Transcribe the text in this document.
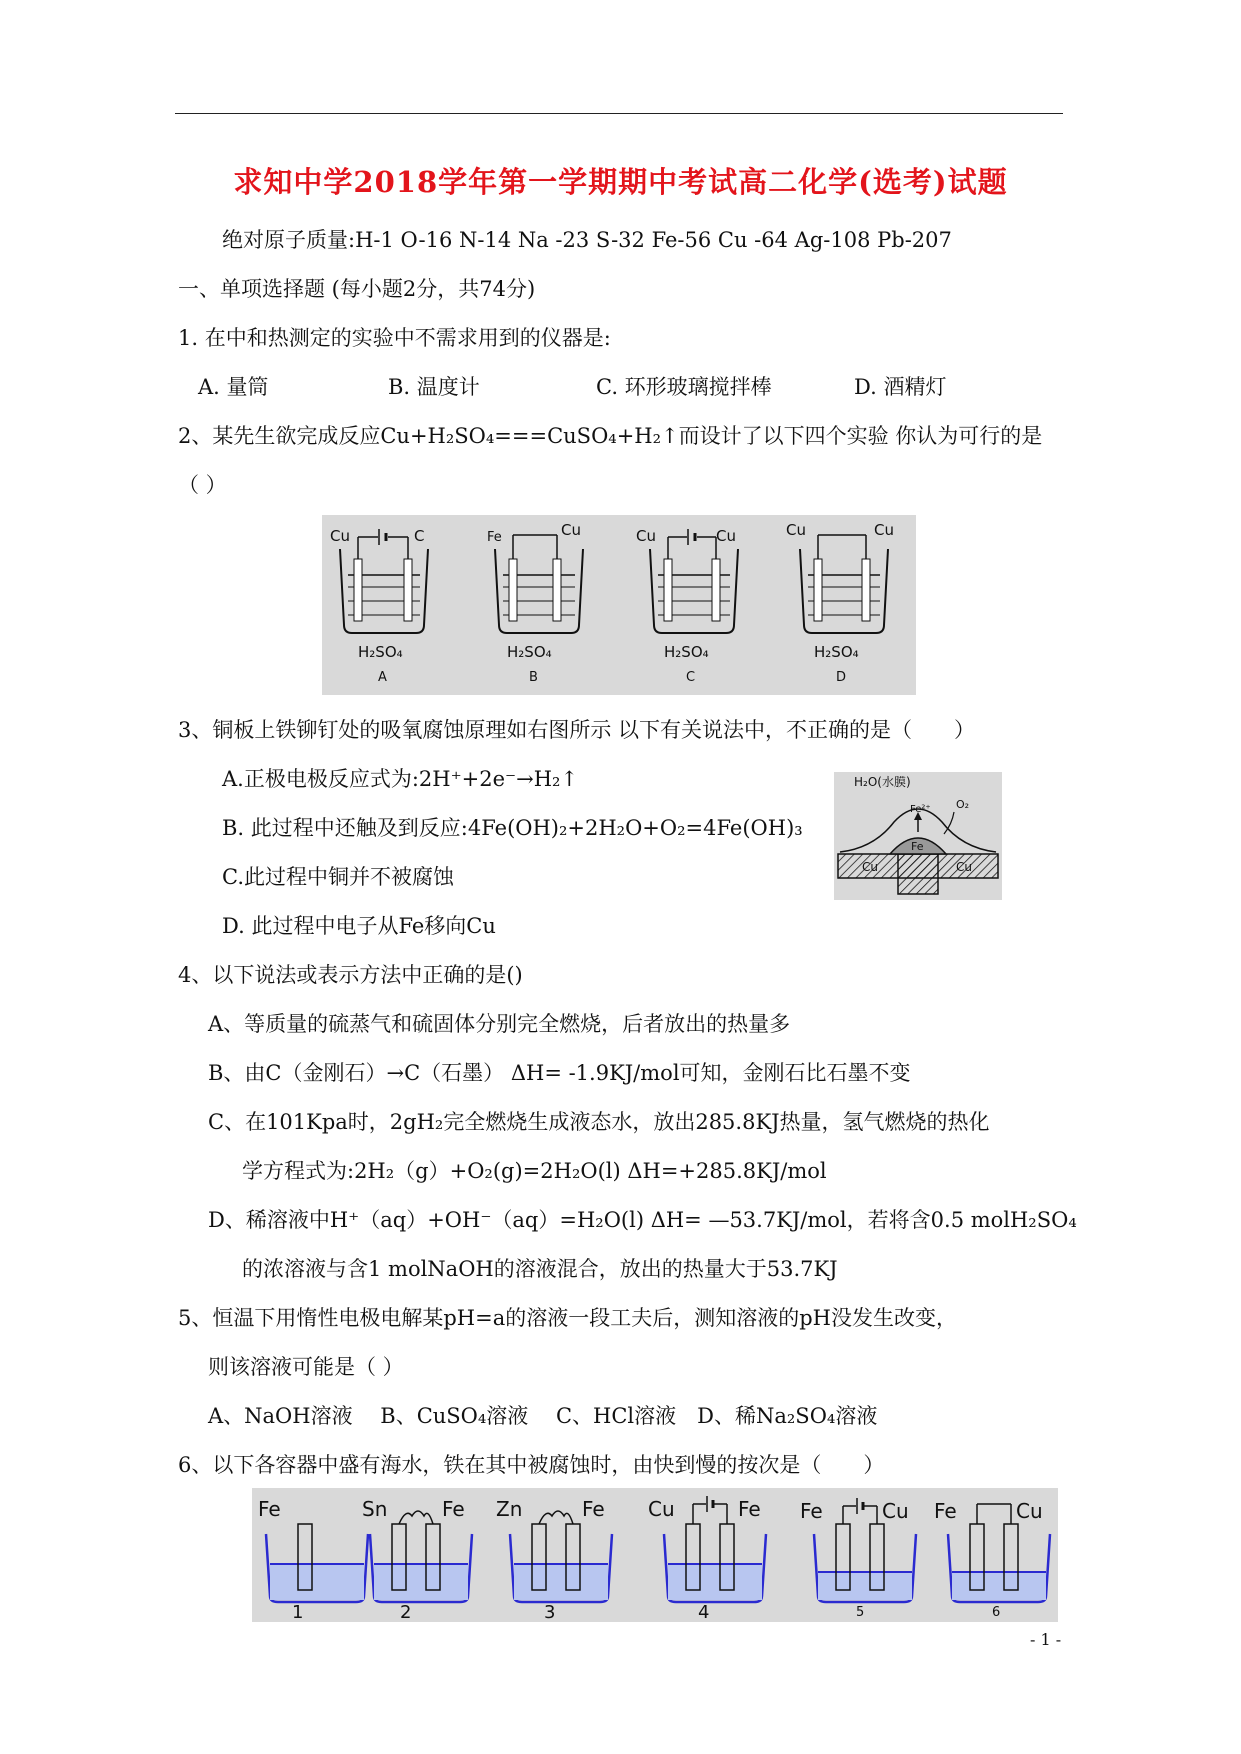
求知中学2018学年第一学期期中考试高二化学(选考)试题
绝对原子质量:H-1 O-16 N-14 Na -23 S-32 Fe-56 Cu -64 Ag-108 Pb-207
一、单项选择题 (每小题2分，共74分)
1. 在中和热测定的实验中不需求用到的仪器是:
A. 量筒	B. 温度计	C. 环形玻璃搅拌棒	D. 酒精灯
2、某先生欲完成反应Cu+H₂SO₄===CuSO₄+H₂↑而设计了以下四个实验 你认为可行的是
（ ）
Cu	C
H₂SO₄
A
Fe	Cu
H₂SO₄
B
Cu	Cu
H₂SO₄
C
Cu	Cu
H₂SO₄
D
3、铜板上铁铆钉处的吸氧腐蚀原理如右图所示 以下有关说法中，不正确的是（　　）
A.正极电极反应式为:2H⁺+2e⁻→H₂↑
B. 此过程中还触及到反应:4Fe(OH)₂+2H₂O+O₂=4Fe(OH)₃
C.此过程中铜并不被腐蚀
D. 此过程中电子从Fe移向Cu
H₂O(水膜)
Fe²⁺ O₂
Fe
Cu	Cu
4、以下说法或表示方法中正确的是()
A、等质量的硫蒸气和硫固体分别完全燃烧，后者放出的热量多
B、由C（金刚石）→C（石墨） ΔH= -1.9KJ/mol可知，金刚石比石墨不变
C、在101Kpa时，2gH₂完全燃烧生成液态水，放出285.8KJ热量，氢气燃烧的热化
学方程式为:2H₂（g）+O₂(g)=2H₂O(l) ΔH=+285.8KJ/mol
D、稀溶液中H⁺（aq）+OH⁻（aq）=H₂O(l) ΔH= —53.7KJ/mol，若将含0.5 molH₂SO₄
的浓溶液与含1 molNaOH的溶液混合，放出的热量大于53.7KJ
5、恒温下用惰性电极电解某pH=a的溶液一段工夫后，测知溶液的pH没发生改变，
则该溶液可能是（ ）
A、NaOH溶液　 B、CuSO₄溶液　 C、HCl溶液　D、稀Na₂SO₄溶液
6、以下各容器中盛有海水，铁在其中被腐蚀时，由快到慢的按次是（　　）
Fe
1
Sn	Fe
2
Zn	Fe
3
Cu	Fe
4
Fe	Cu
5
Fe	Cu
6
- 1 -
